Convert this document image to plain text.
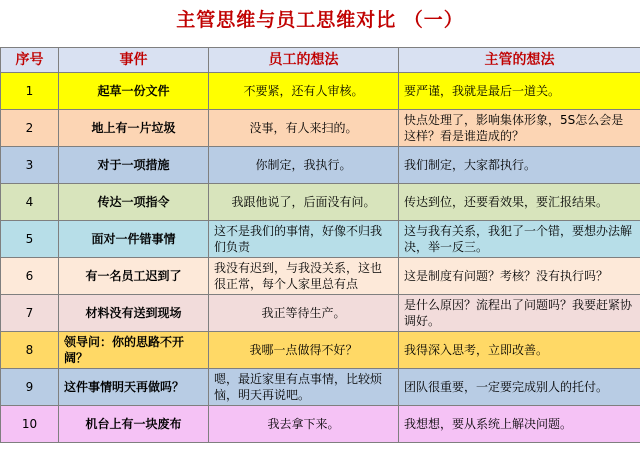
主管思维与员工思维对比 （一）
序号	事件	员工的想法	主管的想法
1	起草一份文件	不要紧，还有人审核。	要严谨，我就是最后一道关。
2	地上有一片垃圾	没事，有人来扫的。	快点处理了，影响集体形象，5S怎么会是这样？看是谁造成的？
3	对于一项措施	你制定，我执行。	我们制定，大家都执行。
4	传达一项指令	我跟他说了，后面没有问。	传达到位，还要看效果，要汇报结果。
5	面对一件错事情	这不是我们的事情，好像不归我们负责	这与我有关系，我犯了一个错，要想办法解决，举一反三。
6	有一名员工迟到了	我没有迟到，与我没关系，这也很正常，每个人家里总有点	这是制度有问题？考核？没有执行吗？
7	材料没有送到现场	我正等待生产。	是什么原因？流程出了问题吗？我要赶紧协调好。
8	领导问：你的思路不开阔？	我哪一点做得不好？	我得深入思考，立即改善。
9	这件事情明天再做吗？	嗯，最近家里有点事情，比较烦恼，明天再说吧。	团队很重要，一定要完成别人的托付。
10	机台上有一块废布	我去拿下来。	我想想，要从系统上解决问题。
